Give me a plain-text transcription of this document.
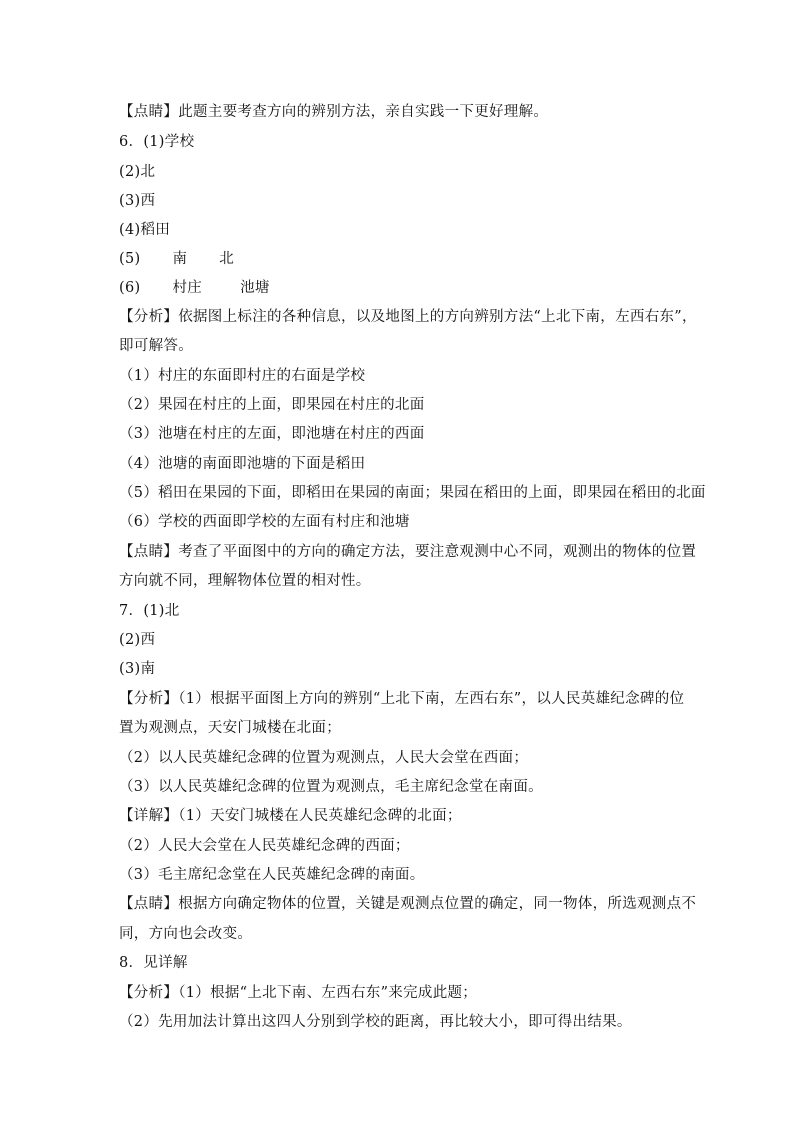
【点睛】此题主要考查方向的辨别方法，亲自实践一下更好理解。
6．(1)学校
(2)北
(3)西
(4)稻田
(5) 南 北
(6) 村庄	池塘
【分析】依据图上标注的各种信息，以及地图上的方向辨别方法“上北下南，左西右东”，
即可解答。
（1）村庄的东面即村庄的右面是学校
（2）果园在村庄的上面，即果园在村庄的北面
（3）池塘在村庄的左面，即池塘在村庄的西面
（4）池塘的南面即池塘的下面是稻田
（5）稻田在果园的下面，即稻田在果园的南面；果园在稻田的上面，即果园在稻田的北面
（6）学校的西面即学校的左面有村庄和池塘
【点睛】考查了平面图中的方向的确定方法，要注意观测中心不同，观测出的物体的位置
方向就不同，理解物体位置的相对性。
7．(1)北
(2)西
(3)南
【分析】（1）根据平面图上方向的辨别“上北下南，左西右东”，以人民英雄纪念碑的位
置为观测点，天安门城楼在北面；
（2）以人民英雄纪念碑的位置为观测点，人民大会堂在西面；
（3）以人民英雄纪念碑的位置为观测点，毛主席纪念堂在南面。
【详解】（1）天安门城楼在人民英雄纪念碑的北面；
（2）人民大会堂在人民英雄纪念碑的西面；
（3）毛主席纪念堂在人民英雄纪念碑的南面。
【点睛】根据方向确定物体的位置，关键是观测点位置的确定，同一物体，所选观测点不
同，方向也会改变。
8．见详解
【分析】（1）根据“上北下南、左西右东”来完成此题；
（2）先用加法计算出这四人分别到学校的距离，再比较大小，即可得出结果。
